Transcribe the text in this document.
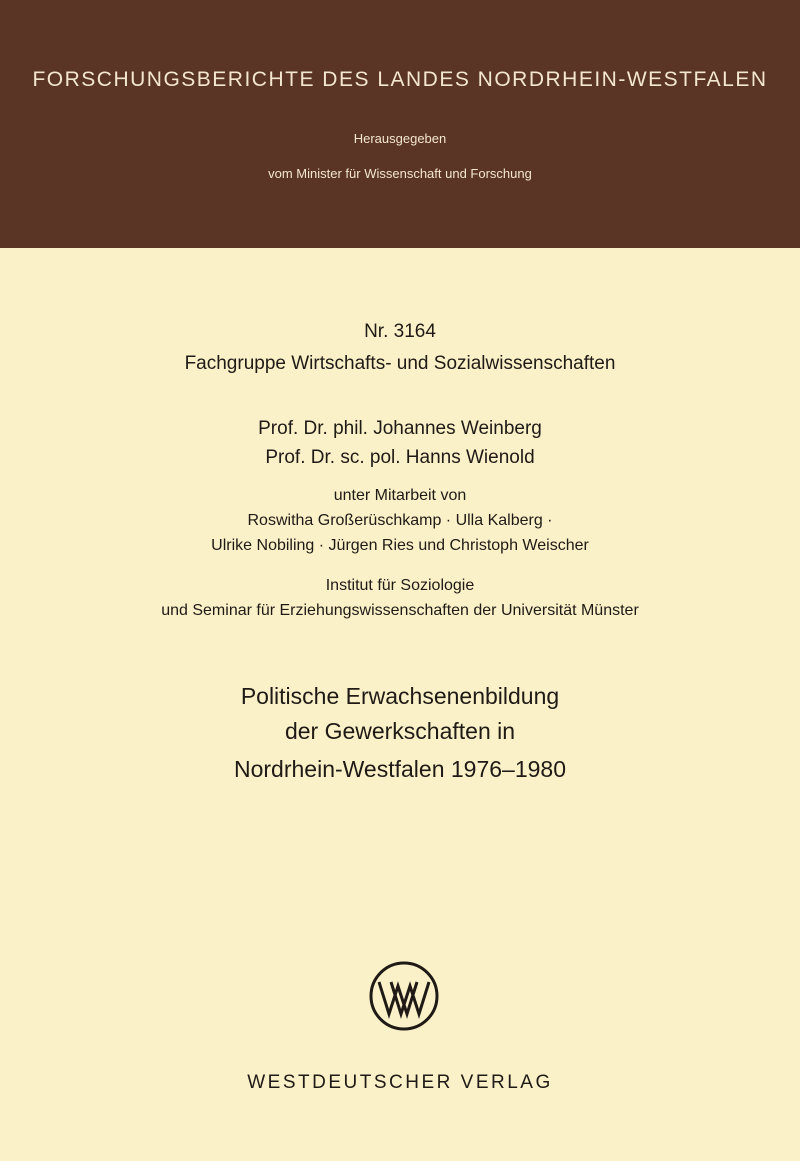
FORSCHUNGSBERICHTE DES LANDES NORDRHEIN-WESTFALEN
Herausgegeben
vom Minister für Wissenschaft und Forschung
Nr. 3164
Fachgruppe Wirtschafts- und Sozialwissenschaften
Prof. Dr. phil. Johannes Weinberg
Prof. Dr. sc. pol. Hanns Wienold
unter Mitarbeit von
Roswitha Großerüschkamp · Ulla Kalberg ·
Ulrike Nobiling · Jürgen Ries und Christoph Weischer
Institut für Soziologie
und Seminar für Erziehungswissenschaften der Universität Münster
Politische Erwachsenenbildung
der Gewerkschaften in
Nordrhein-Westfalen 1976–1980
WESTDEUTSCHER VERLAG
